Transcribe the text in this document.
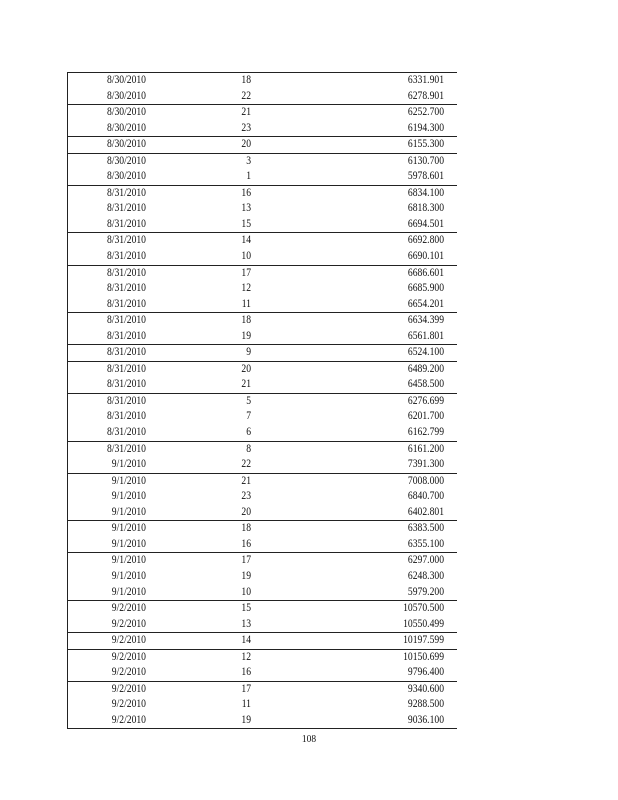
8/30/2010	18	6331.901
8/30/2010	22	6278.901
8/30/2010	21	6252.700
8/30/2010	23	6194.300
8/30/2010	20	6155.300
8/30/2010	3	6130.700
8/30/2010	1	5978.601
8/31/2010	16	6834.100
8/31/2010	13	6818.300
8/31/2010	15	6694.501
8/31/2010	14	6692.800
8/31/2010	10	6690.101
8/31/2010	17	6686.601
8/31/2010	12	6685.900
8/31/2010	11	6654.201
8/31/2010	18	6634.399
8/31/2010	19	6561.801
8/31/2010	9	6524.100
8/31/2010	20	6489.200
8/31/2010	21	6458.500
8/31/2010	5	6276.699
8/31/2010	7	6201.700
8/31/2010	6	6162.799
8/31/2010	8	6161.200
9/1/2010	22	7391.300
9/1/2010	21	7008.000
9/1/2010	23	6840.700
9/1/2010	20	6402.801
9/1/2010	18	6383.500
9/1/2010	16	6355.100
9/1/2010	17	6297.000
9/1/2010	19	6248.300
9/1/2010	10	5979.200
9/2/2010	15	10570.500
9/2/2010	13	10550.499
9/2/2010	14	10197.599
9/2/2010	12	10150.699
9/2/2010	16	9796.400
9/2/2010	17	9340.600
9/2/2010	11	9288.500
9/2/2010	19	9036.100
108
